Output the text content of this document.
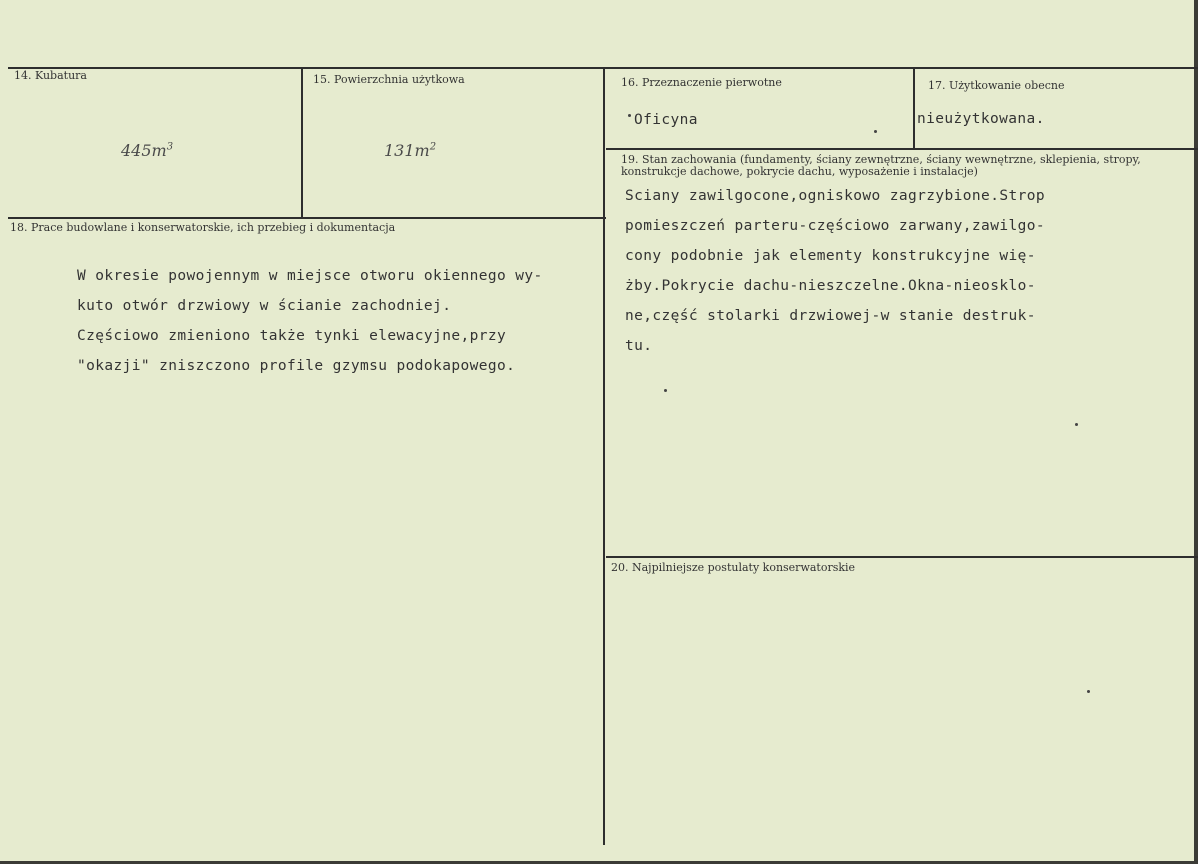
14. Kubatura
$445m^3$
15. Powierzchnia użytkowa
$131m^2$
16. Przeznaczenie pierwotne
Oficyna
17. Użytkowanie obecne
nieużytkowana.
18. Prace budowlane i konserwatorskie, ich przebieg i dokumentacja
W okresie powojennym w miejsce otworu okiennego wy-
kuto otwór drzwiowy w ścianie zachodniej.
Częściowo zmieniono także tynki elewacyjne,przy
"okazji" zniszczono profile gzymsu podokapowego.
19. Stan zachowania (fundamenty, ściany zewnętrzne, ściany wewnętrzne, sklepienia, stropy, konstrukcje dachowe, pokrycie dachu, wyposażenie i instalacje)
Sciany zawilgocone,ogniskowo zagrzybione.Strop
pomieszczeń parteru-częściowo zarwany,zawilgo-
cony podobnie jak elementy konstrukcyjne wię-
żby.Pokrycie dachu-nieszczelne.Okna-nieosklo-
ne,część stolarki drzwiowej-w stanie destruk-
tu.
20. Najpilniejsze postulaty konserwatorskie
